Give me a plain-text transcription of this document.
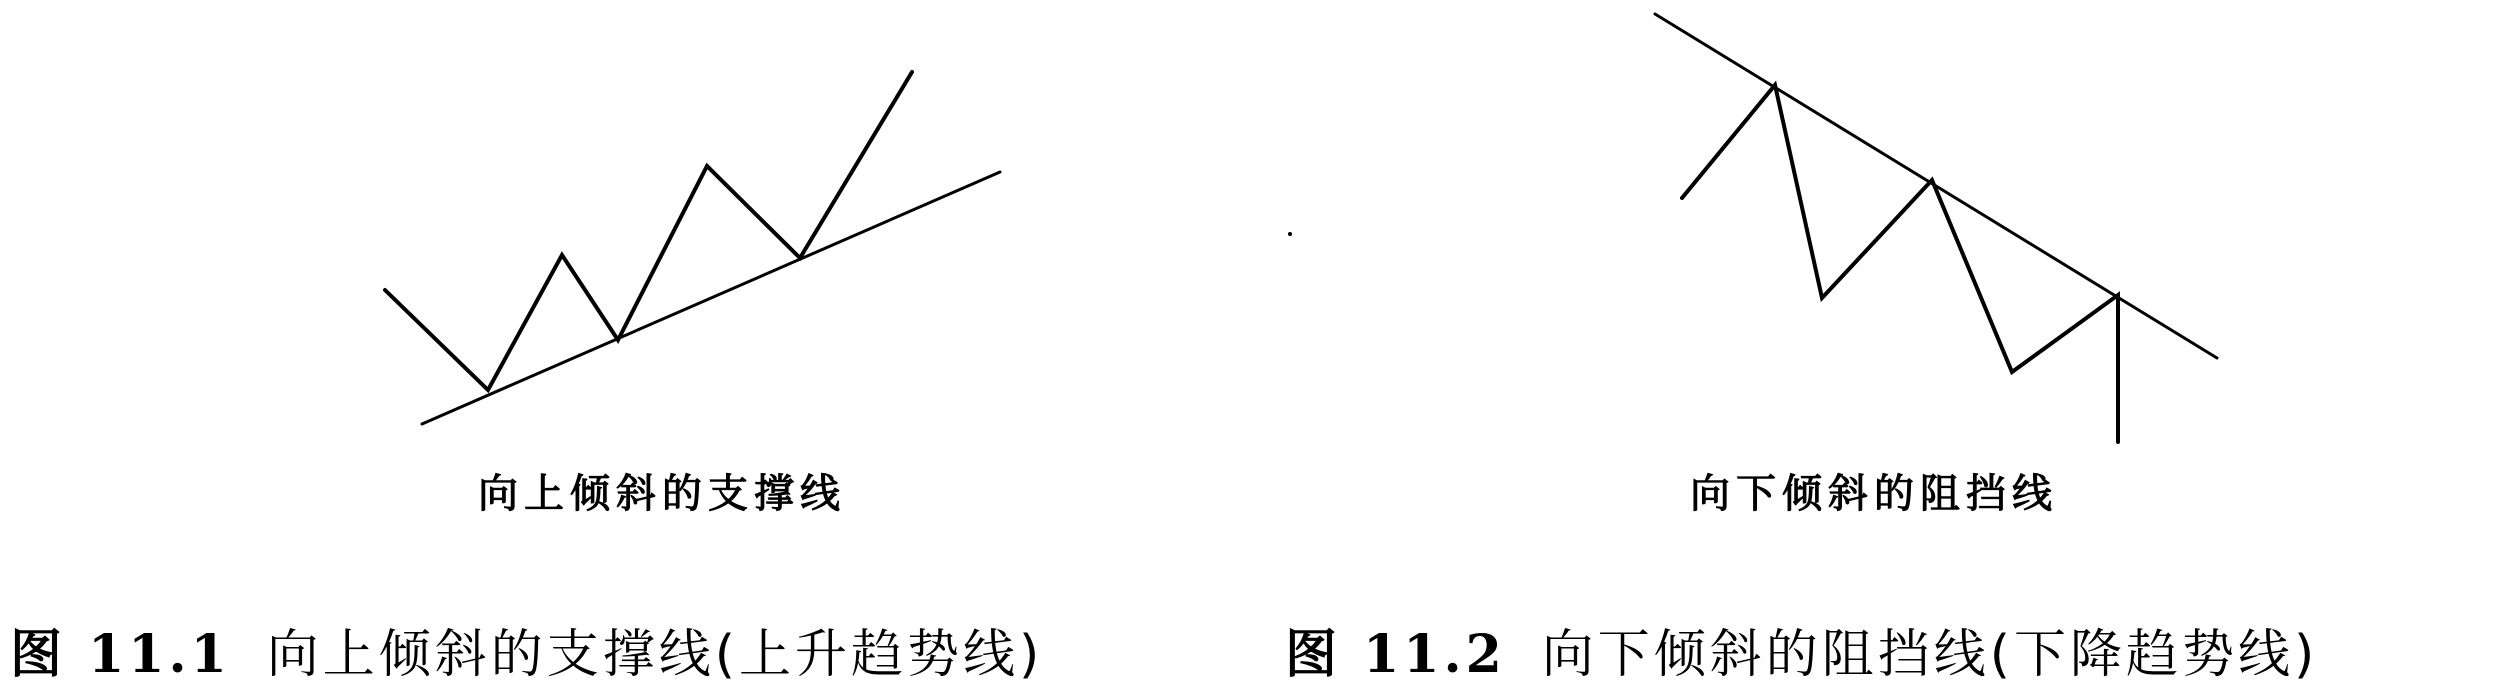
向上倾斜的支撑线	向下倾斜的阻挡线
图 11.1 向上倾斜的支撑线(上升趋势线)	图 11.2 向下倾斜的阻挡线(下降趋势线)
